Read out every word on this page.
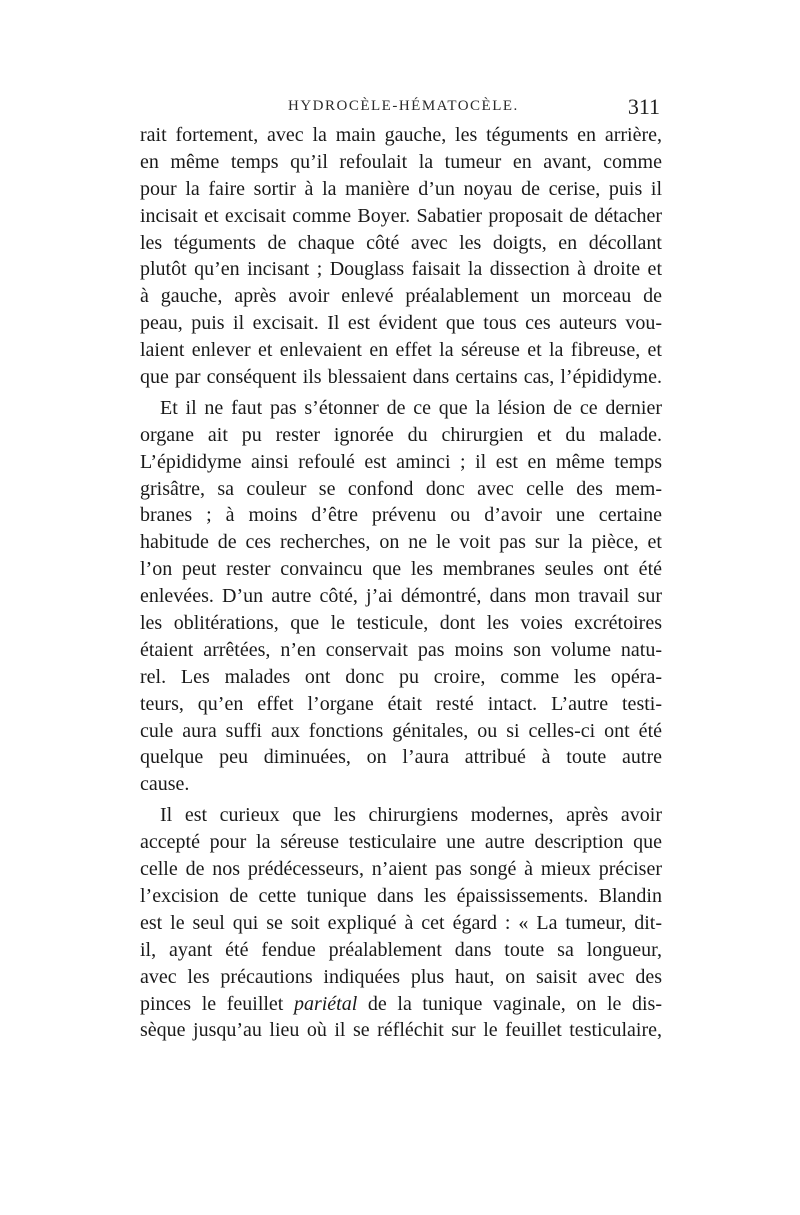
HYDROCÈLE-HÉMATOCÈLE.	311
rait fortement, avec la main gauche, les téguments en arrière,
en même temps qu’il refoulait la tumeur en avant, comme
pour la faire sortir à la manière d’un noyau de cerise, puis il
incisait et excisait comme Boyer. Sabatier proposait de détacher
les téguments de chaque côté avec les doigts, en décollant
plutôt qu’en incisant ; Douglass faisait la dissection à droite et
à gauche, après avoir enlevé préalablement un morceau de
peau, puis il excisait. Il est évident que tous ces auteurs vou-
laient enlever et enlevaient en effet la séreuse et la fibreuse, et
que par conséquent ils blessaient dans certains cas, l’épididyme.
Et il ne faut pas s’étonner de ce que la lésion de ce dernier
organe ait pu rester ignorée du chirurgien et du malade.
L’épididyme ainsi refoulé est aminci ; il est en même temps
grisâtre, sa couleur se confond donc avec celle des mem-
branes ; à moins d’être prévenu ou d’avoir une certaine
habitude de ces recherches, on ne le voit pas sur la pièce, et
l’on peut rester convaincu que les membranes seules ont été
enlevées. D’un autre côté, j’ai démontré, dans mon travail sur
les oblitérations, que le testicule, dont les voies excrétoires
étaient arrêtées, n’en conservait pas moins son volume natu-
rel. Les malades ont donc pu croire, comme les opéra-
teurs, qu’en effet l’organe était resté intact. L’autre testi-
cule aura suffi aux fonctions génitales, ou si celles-ci ont été
quelque peu diminuées, on l’aura attribué à toute autre
cause.
Il est curieux que les chirurgiens modernes, après avoir
accepté pour la séreuse testiculaire une autre description que
celle de nos prédécesseurs, n’aient pas songé à mieux préciser
l’excision de cette tunique dans les épaississements. Blandin
est le seul qui se soit expliqué à cet égard : « La tumeur, dit-
il, ayant été fendue préalablement dans toute sa longueur,
avec les précautions indiquées plus haut, on saisit avec des
pinces le feuillet pariétal de la tunique vaginale, on le dis-
sèque jusqu’au lieu où il se réfléchit sur le feuillet testiculaire,
